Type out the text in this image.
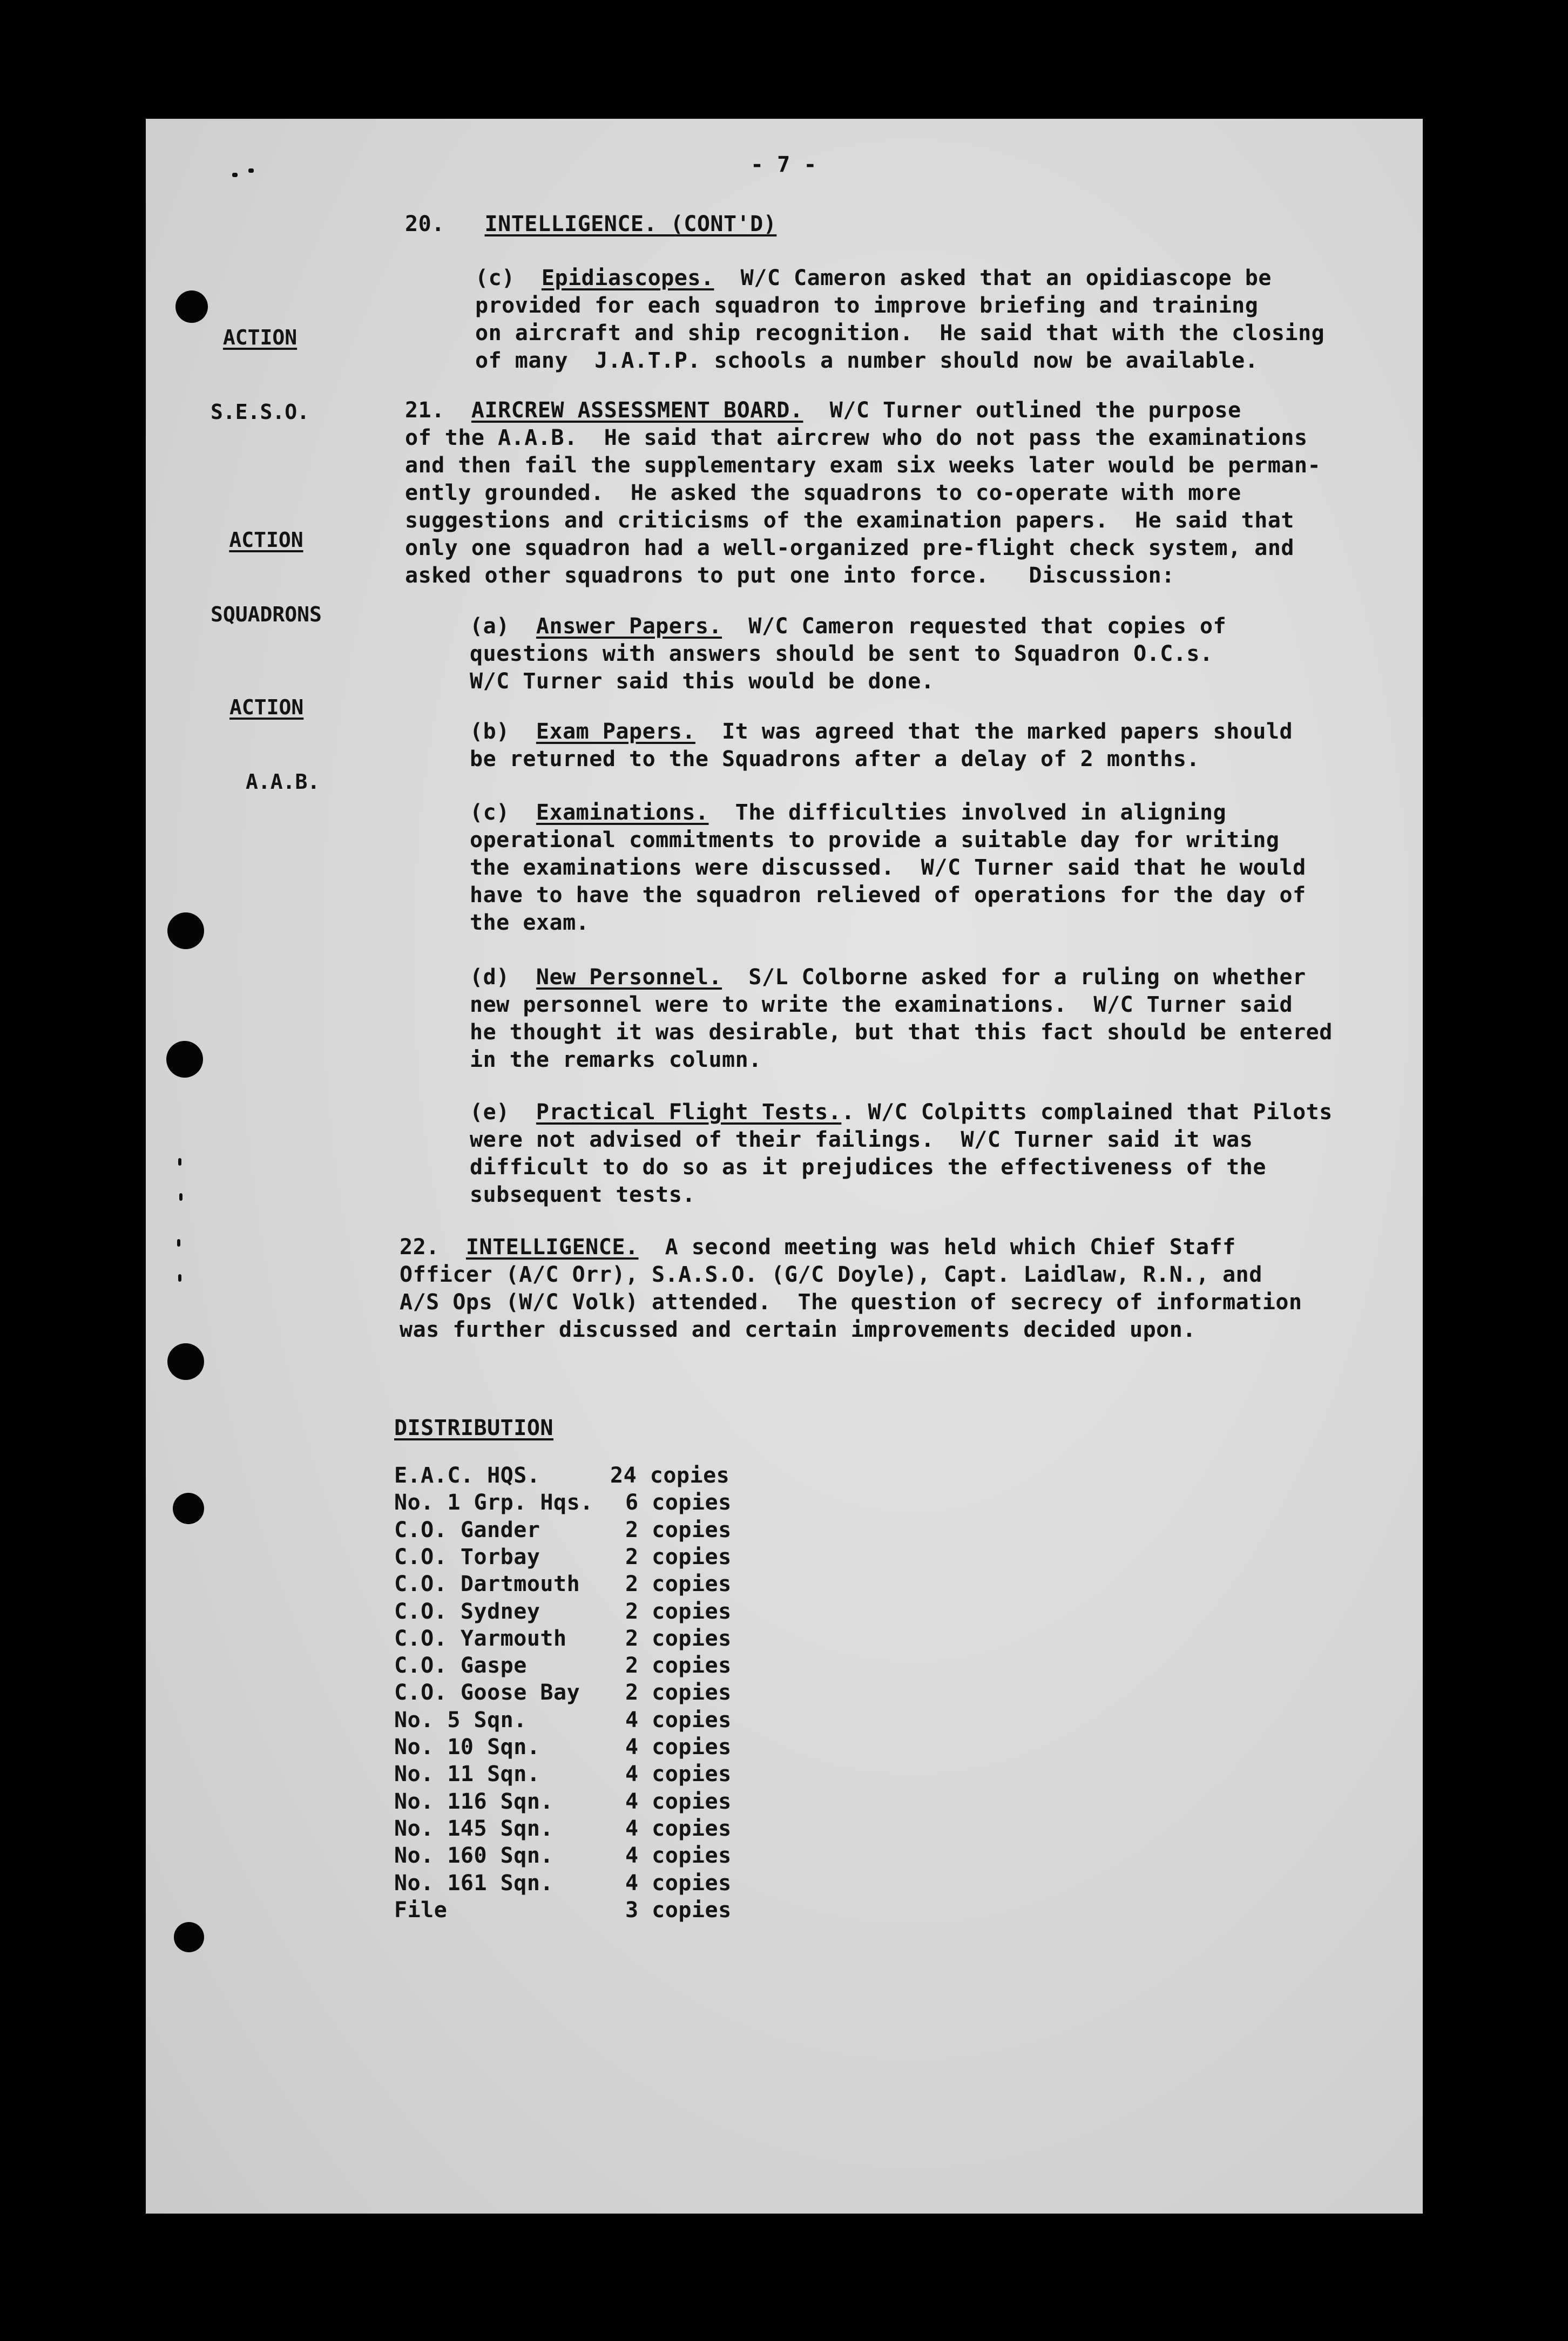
- 7 -

ACTION

S.E.S.O.

ACTION

SQUADRONS

ACTION

A.A.B.

20. INTELLIGENCE. (CONT'D)
(c) Epidiascopes. W/C Cameron asked that an opidiascope be
provided for each squadron to improve briefing and training
on aircraft and ship recognition.  He said that with the closing
of many  J.A.T.P. schools a number should now be available.
21. AIRCREW ASSESSMENT BOARD. W/C Turner outlined the purpose
of the A.A.B.  He said that aircrew who do not pass the examinations
and then fail the supplementary exam six weeks later would be perman-
ently grounded.  He asked the squadrons to co-operate with more
suggestions and criticisms of the examination papers.  He said that
only one squadron had a well-organized pre-flight check system, and
asked other squadrons to put one into force.   Discussion:
(a) Answer Papers. W/C Cameron requested that copies of
questions with answers should be sent to Squadron O.C.s.
W/C Turner said this would be done.
(b) Exam Papers. It was agreed that the marked papers should
be returned to the Squadrons after a delay of 2 months.
(c) Examinations. The difficulties involved in aligning
operational commitments to provide a suitable day for writing
the examinations were discussed.  W/C Turner said that he would
have to have the squadron relieved of operations for the day of
the exam.
(d) New Personnel. S/L Colborne asked for a ruling on whether
new personnel were to write the examinations.  W/C Turner said
he thought it was desirable, but that this fact should be entered
in the remarks column.
(e) Practical Flight Tests.. W/C Colpitts complained that Pilots
were not advised of their failings.  W/C Turner said it was
difficult to do so as it prejudices the effectiveness of the
subsequent tests.
22. INTELLIGENCE. A second meeting was held which Chief Staff
Officer (A/C Orr), S.A.S.O. (G/C Doyle), Capt. Laidlaw, R.N., and
A/S Ops (W/C Volk) attended.  The question of secrecy of information
was further discussed and certain improvements decided upon.
DISTRIBUTION
E.A.C. HQS.	24 copies
No. 1 Grp. Hqs. 6 copies
C.O. Gander	2 copies
C.O. Torbay	2 copies
C.O. Dartmouth 2 copies
C.O. Sydney	2 copies
C.O. Yarmouth	2 copies
C.O. Gaspe	2 copies
C.O. Goose Bay 2 copies
No. 5 Sqn.	4 copies
No. 10 Sqn.	4 copies
No. 11 Sqn.	4 copies
No. 116 Sqn.	4 copies
No. 145 Sqn.	4 copies
No. 160 Sqn.	4 copies
No. 161 Sqn.	4 copies
File	3 copies
